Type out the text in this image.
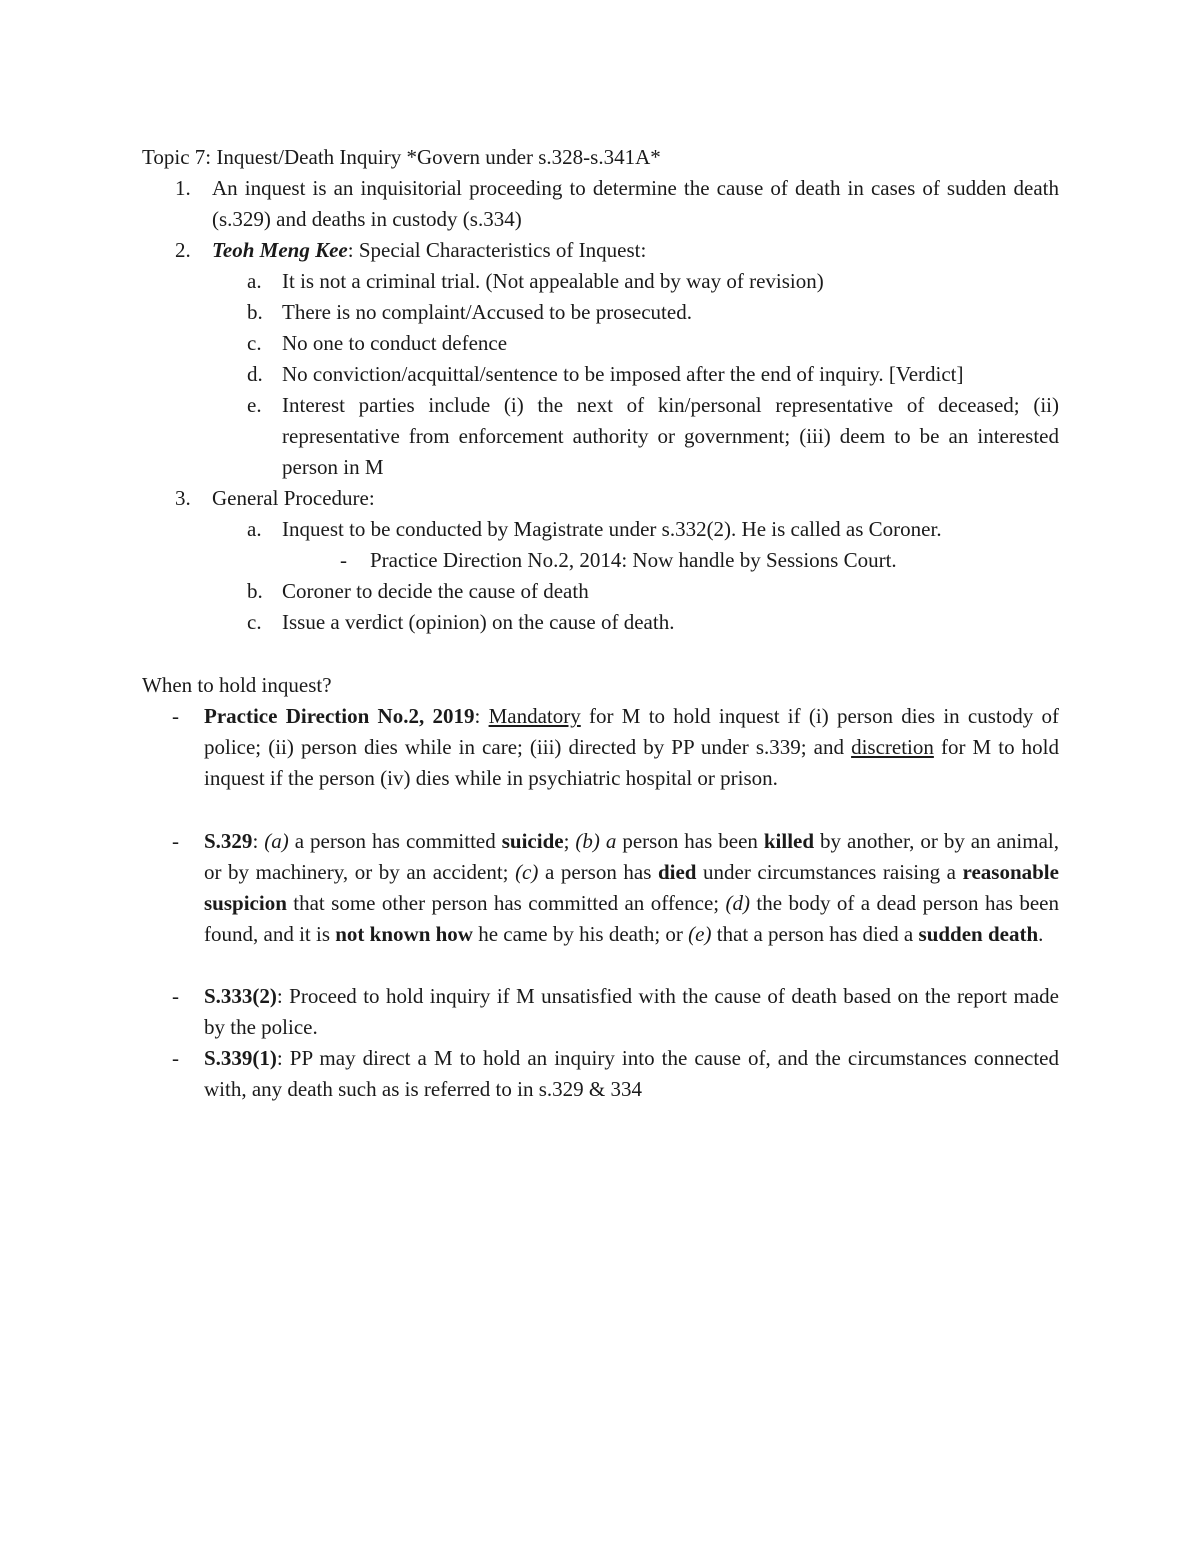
Topic 7: Inquest/Death Inquiry *Govern under s.328-s.341A*
1. An inquest is an inquisitorial proceeding to determine the cause of death in cases of sudden death (s.329) and deaths in custody (s.334)
2. Teoh Meng Kee: Special Characteristics of Inquest:
a. It is not a criminal trial. (Not appealable and by way of revision)
b. There is no complaint/Accused to be prosecuted.
c. No one to conduct defence
d. No conviction/acquittal/sentence to be imposed after the end of inquiry. [Verdict]
e. Interest parties include (i) the next of kin/personal representative of deceased; (ii) representative from enforcement authority or government; (iii) deem to be an interested person in M
3. General Procedure:
a. Inquest to be conducted by Magistrate under s.332(2). He is called as Coroner.
- Practice Direction No.2, 2014: Now handle by Sessions Court.
b. Coroner to decide the cause of death
c. Issue a verdict (opinion) on the cause of death.
When to hold inquest?
- Practice Direction No.2, 2019: Mandatory for M to hold inquest if (i) person dies in custody of police; (ii) person dies while in care; (iii) directed by PP under s.339; and discretion for M to hold inquest if the person (iv) dies while in psychiatric hospital or prison.
- S.329: (a) a person has committed suicide; (b) a person has been killed by another, or by an animal, or by machinery, or by an accident; (c) a person has died under circumstances raising a reasonable suspicion that some other person has committed an offence; (d) the body of a dead person has been found, and it is not known how he came by his death; or (e) that a person has died a sudden death.
- S.333(2): Proceed to hold inquiry if M unsatisfied with the cause of death based on the report made by the police.
- S.339(1): PP may direct a M to hold an inquiry into the cause of, and the circumstances connected with, any death such as is referred to in s.329 & 334
